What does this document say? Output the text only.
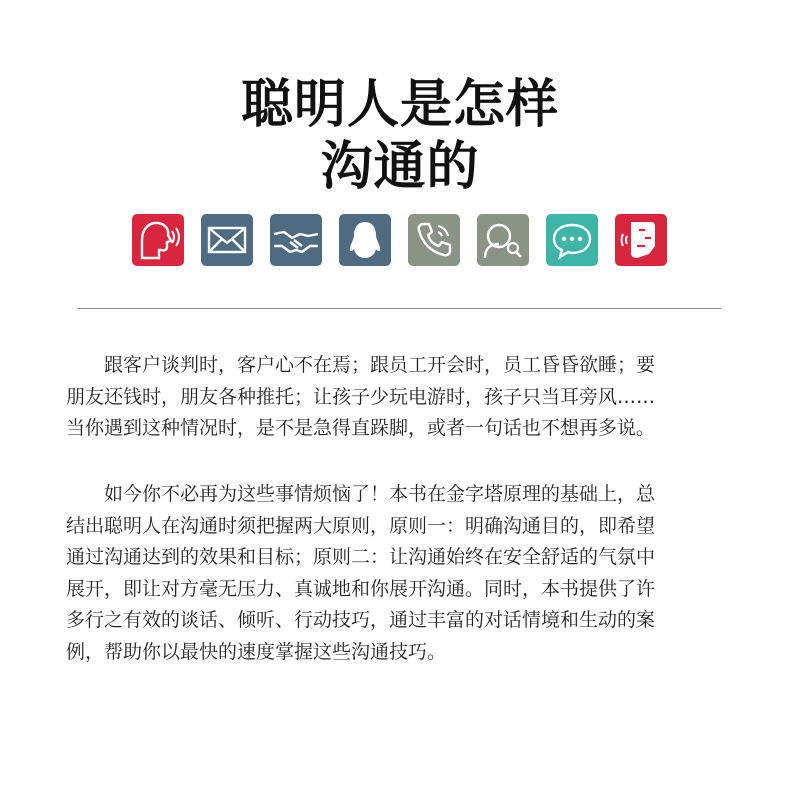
聪明人是怎样
沟通的

　　跟客户谈判时，客户心不在焉；跟员工开会时，员工昏昏欲睡；要
朋友还钱时，朋友各种推托；让孩子少玩电游时，孩子只当耳旁风……
当你遇到这种情况时，是不是急得直跺脚，或者一句话也不想再多说。

　　如今你不必再为这些事情烦恼了！本书在金字塔原理的基础上，总
结出聪明人在沟通时须把握两大原则，原则一：明确沟通目的，即希望
通过沟通达到的效果和目标；原则二：让沟通始终在安全舒适的气氛中
展开，即让对方毫无压力、真诚地和你展开沟通。同时，本书提供了许
多行之有效的谈话、倾听、行动技巧，通过丰富的对话情境和生动的案
例，帮助你以最快的速度掌握这些沟通技巧。
